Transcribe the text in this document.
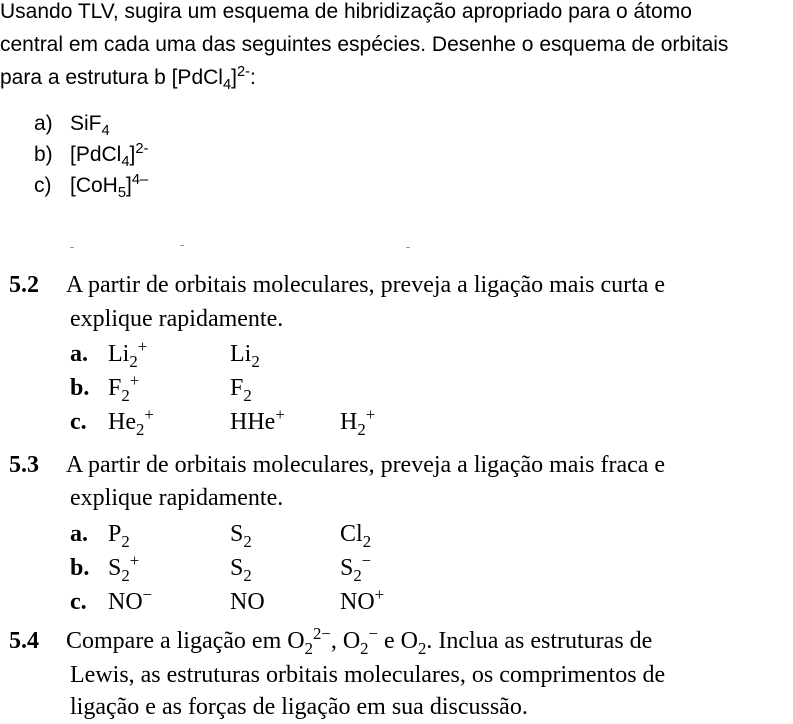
Usando TLV, sugira um esquema de hibridização apropriado para o átomo
central em cada uma das seguintes espécies. Desenhe o esquema de orbitais
para a estrutura b [PdCl$_4$]$^{2-}$:
a) SiF$_4$
b) [PdCl$_4$]$^{2-}$
c) $[CoH_5]^{4-}$
5.2 A partir de orbitais moleculares, preveja a ligação mais curta e
explique rapidamente.
a. $Li_2^+$	$Li_2$
b. $F_2^+$	$F_2$
c. $He_2^+$	HHe+ $H_2^+$
5.3 A partir de orbitais moleculares, preveja a ligação mais fraca e
explique rapidamente.
a. $P_2$	$S_2$	$Cl_2$
b. $S_2^+$	$S_2$	$S_2^-$
c. NO−	NO	NO+
5.4 Compare a ligação em $O_2^{2-}$, $O_2^-$ e $O_2$. Inclua as estruturas de
Lewis, as estruturas orbitais moleculares, os comprimentos de
ligação e as forças de ligação em sua discussão.
